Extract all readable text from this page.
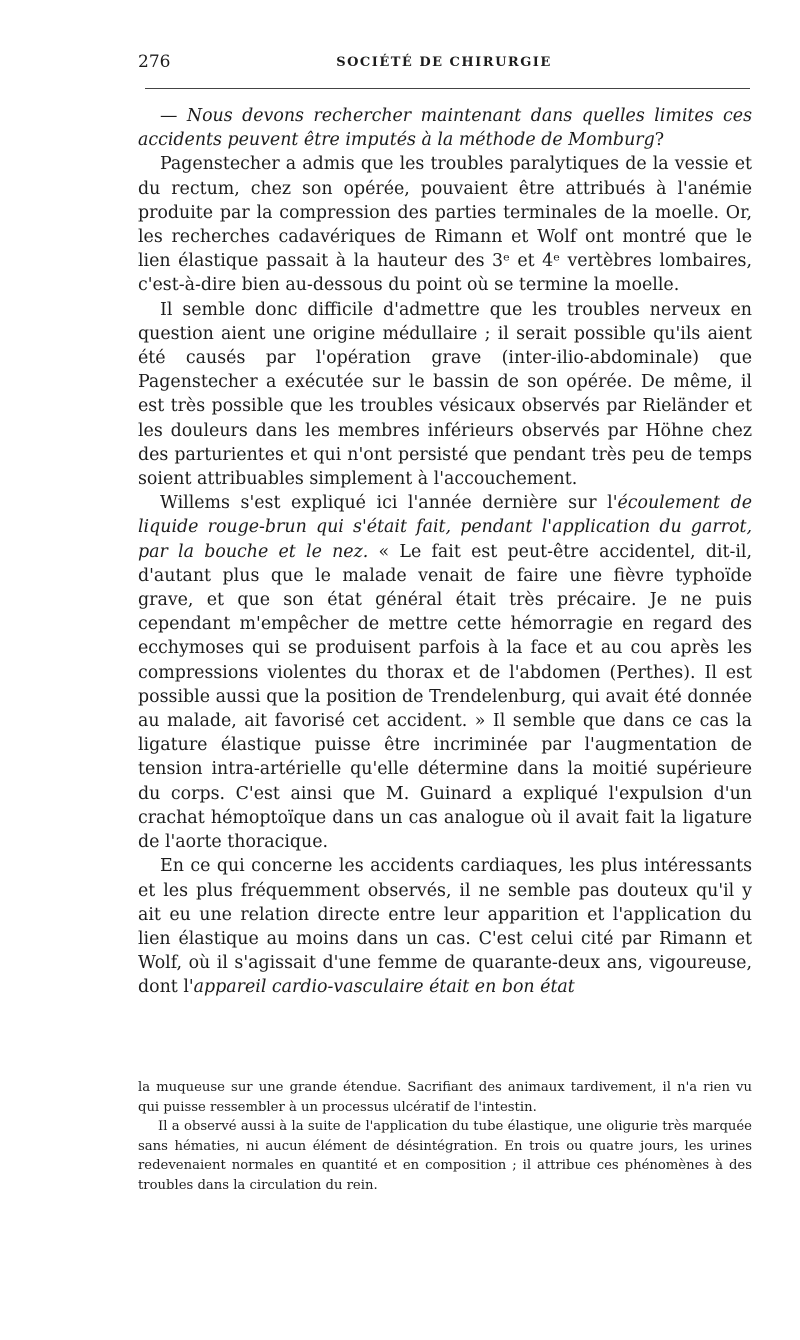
276	SOCIÉTÉ DE CHIRURGIE

— Nous devons rechercher maintenant dans quelles limites ces accidents peuvent être imputés à la méthode de Momburg?

Pagenstecher a admis que les troubles paralytiques de la vessie et du rectum, chez son opérée, pouvaient être attribués à l'anémie produite par la compression des parties terminales de la moelle. Or, les recherches cadavériques de Rimann et Wolf ont montré que le lien élastique passait à la hauteur des 3ᵉ et 4ᵉ vertèbres lombaires, c'est-à-dire bien au-dessous du point où se termine la moelle.

Il semble donc difficile d'admettre que les troubles nerveux en question aient une origine médullaire ; il serait possible qu'ils aient été causés par l'opération grave (inter-ilio-abdominale) que Pagenstecher a exécutée sur le bassin de son opérée. De même, il est très possible que les troubles vésicaux observés par Rieländer et les douleurs dans les membres inférieurs observés par Höhne chez des parturientes et qui n'ont persisté que pendant très peu de temps soient attribuables simplement à l'accouchement.

Willems s'est expliqué ici l'année dernière sur l'écoulement de liquide rouge-brun qui s'était fait, pendant l'application du garrot, par la bouche et le nez. « Le fait est peut-être accidentel, dit-il, d'autant plus que le malade venait de faire une fièvre typhoïde grave, et que son état général était très précaire. Je ne puis cependant m'empêcher de mettre cette hémorragie en regard des ecchymoses qui se produisent parfois à la face et au cou après les compressions violentes du thorax et de l'abdomen (Perthes). Il est possible aussi que la position de Trendelenburg, qui avait été donnée au malade, ait favorisé cet accident. » Il semble que dans ce cas la ligature élastique puisse être incriminée par l'augmentation de tension intra-artérielle qu'elle détermine dans la moitié supérieure du corps. C'est ainsi que M. Guinard a expliqué l'expulsion d'un crachat hémoptoïque dans un cas analogue où il avait fait la ligature de l'aorte thoracique.

En ce qui concerne les accidents cardiaques, les plus intéressants et les plus fréquemment observés, il ne semble pas douteux qu'il y ait eu une relation directe entre leur apparition et l'application du lien élastique au moins dans un cas. C'est celui cité par Rimann et Wolf, où il s'agissait d'une femme de quarante-deux ans, vigoureuse, dont l'appareil cardio-vasculaire était en bon état

la muqueuse sur une grande étendue. Sacrifiant des animaux tardivement, il n'a rien vu qui puisse ressembler à un processus ulcératif de l'intestin.

Il a observé aussi à la suite de l'application du tube élastique, une oligurie très marquée sans hématies, ni aucun élément de désintégration. En trois ou quatre jours, les urines redevenaient normales en quantité et en composition ; il attribue ces phénomènes à des troubles dans la circulation du rein.
